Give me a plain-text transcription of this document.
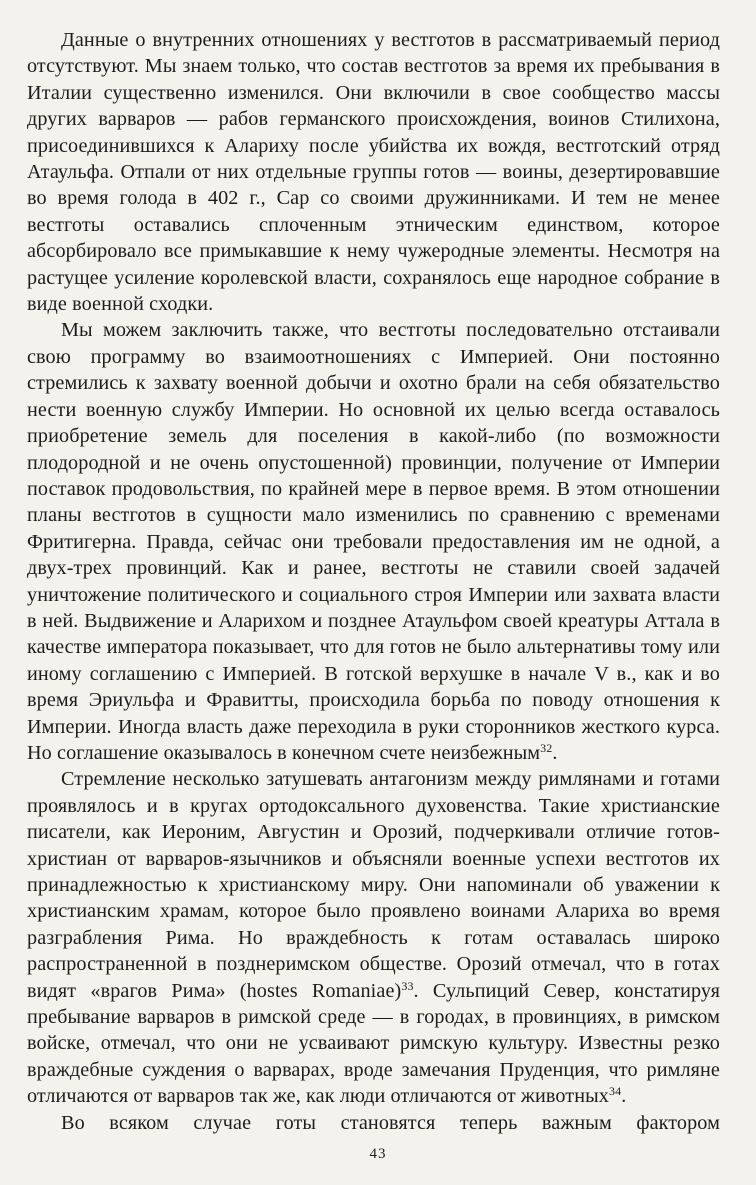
Данные о внутренних отношениях у вестготов в рассматриваемый период отсутствуют. Мы знаем только, что состав вестготов за время их пребывания в Италии существенно изменился. Они включили в свое сообщество массы других варваров — рабов германского происхождения, воинов Стилихона, присоединившихся к Алариху после убийства их вождя, вестготский отряд Атаульфа. Отпали от них отдельные группы готов — воины, дезертировавшие во время голода в 402 г., Сар со своими дружинниками. И тем не менее вестготы оставались сплоченным этническим единством, которое абсорбировало все примыкавшие к нему чужеродные элементы. Несмотря на растущее усиление королевской власти, сохранялось еще народное собрание в виде военной сходки.

Мы можем заключить также, что вестготы последовательно отстаивали свою программу во взаимоотношениях с Империей. Они постоянно стремились к захвату военной добычи и охотно брали на себя обязательство нести военную службу Империи. Но основной их целью всегда оставалось приобретение земель для поселения в какой-либо (по возможности плодородной и не очень опустошенной) провинции, получение от Империи поставок продовольствия, по крайней мере в первое время. В этом отношении планы вестготов в сущности мало изменились по сравнению с временами Фритигерна. Правда, сейчас они требовали предоставления им не одной, а двух-трех провинций. Как и ранее, вестготы не ставили своей задачей уничтожение политического и социального строя Империи или захвата власти в ней. Выдвижение и Аларихом и позднее Атаульфом своей креатуры Аттала в качестве императора показывает, что для готов не было альтернативы тому или иному соглашению с Империей. В готской верхушке в начале V в., как и во время Эриульфа и Фравитты, происходила борьба по поводу отношения к Империи. Иногда власть даже переходила в руки сторонников жесткого курса. Но соглашение оказывалось в конечном счете неизбежным$^{32}$.

Стремление несколько затушевать антагонизм между римлянами и готами проявлялось и в кругах ортодоксального духовенства. Такие христианские писатели, как Иероним, Августин и Орозий, подчеркивали отличие готов-христиан от варваров-язычников и объясняли военные успехи вестготов их принадлежностью к христианскому миру. Они напоминали об уважении к христианским храмам, которое было проявлено воинами Алариха во время разграбления Рима. Но враждебность к готам оставалась широко распространенной в позднеримском обществе. Орозий отмечал, что в готах видят «врагов Рима» (hostes Romaniae)$^{33}$. Сульпиций Север, констатируя пребывание варваров в римской среде — в городах, в провинциях, в римском войске, отмечал, что они не усваивают римскую культуру. Известны резко враждебные суждения о варварах, вроде замечания Пруденция, что римляне отличаются от варваров так же, как люди отличаются от животных$^{34}$.

Во всяком случае готы становятся теперь важным фактором

43
